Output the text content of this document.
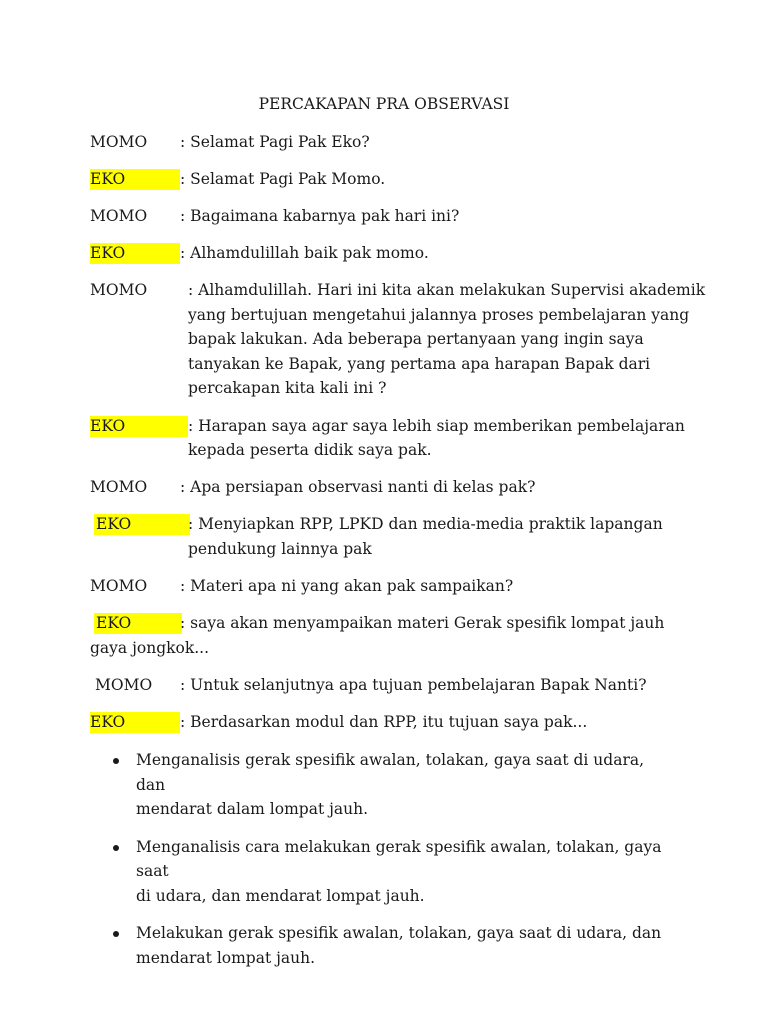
PERCAKAPAN PRA OBSERVASI
MOMO : Selamat Pagi Pak Eko?
EKO	: Selamat Pagi Pak Momo.
MOMO : Bagaimana kabarnya pak hari ini?
EKO	: Alhamdulillah baik pak momo.
MOMO	: Alhamdulillah. Hari ini kita akan melakukan Supervisi akademik
yang bertujuan mengetahui jalannya proses pembelajaran yang
bapak lakukan. Ada beberapa pertanyaan yang ingin saya
tanyakan ke Bapak, yang pertama apa harapan Bapak dari
percakapan kita kali ini ?
EKO	: Harapan saya agar saya lebih siap memberikan pembelajaran
kepada peserta didik saya pak.
MOMO : Apa persiapan observasi nanti di kelas pak?
EKO	: Menyiapkan RPP, LPKD dan media-media praktik lapangan
pendukung lainnya pak
MOMO : Materi apa ni yang akan pak sampaikan?
EKO	: saya akan menyampaikan materi Gerak spesifik lompat jauh
gaya jongkok...
MOMO : Untuk selanjutnya apa tujuan pembelajaran Bapak Nanti?
EKO	: Berdasarkan modul dan RPP, itu tujuan saya pak...
Menganalisis gerak spesifik awalan, tolakan, gaya saat di udara, dan
mendarat dalam lompat jauh.
Menganalisis cara melakukan gerak spesifik awalan, tolakan, gaya saat
di udara, dan mendarat lompat jauh.
Melakukan gerak spesifik awalan, tolakan, gaya saat di udara, dan
mendarat lompat jauh.
